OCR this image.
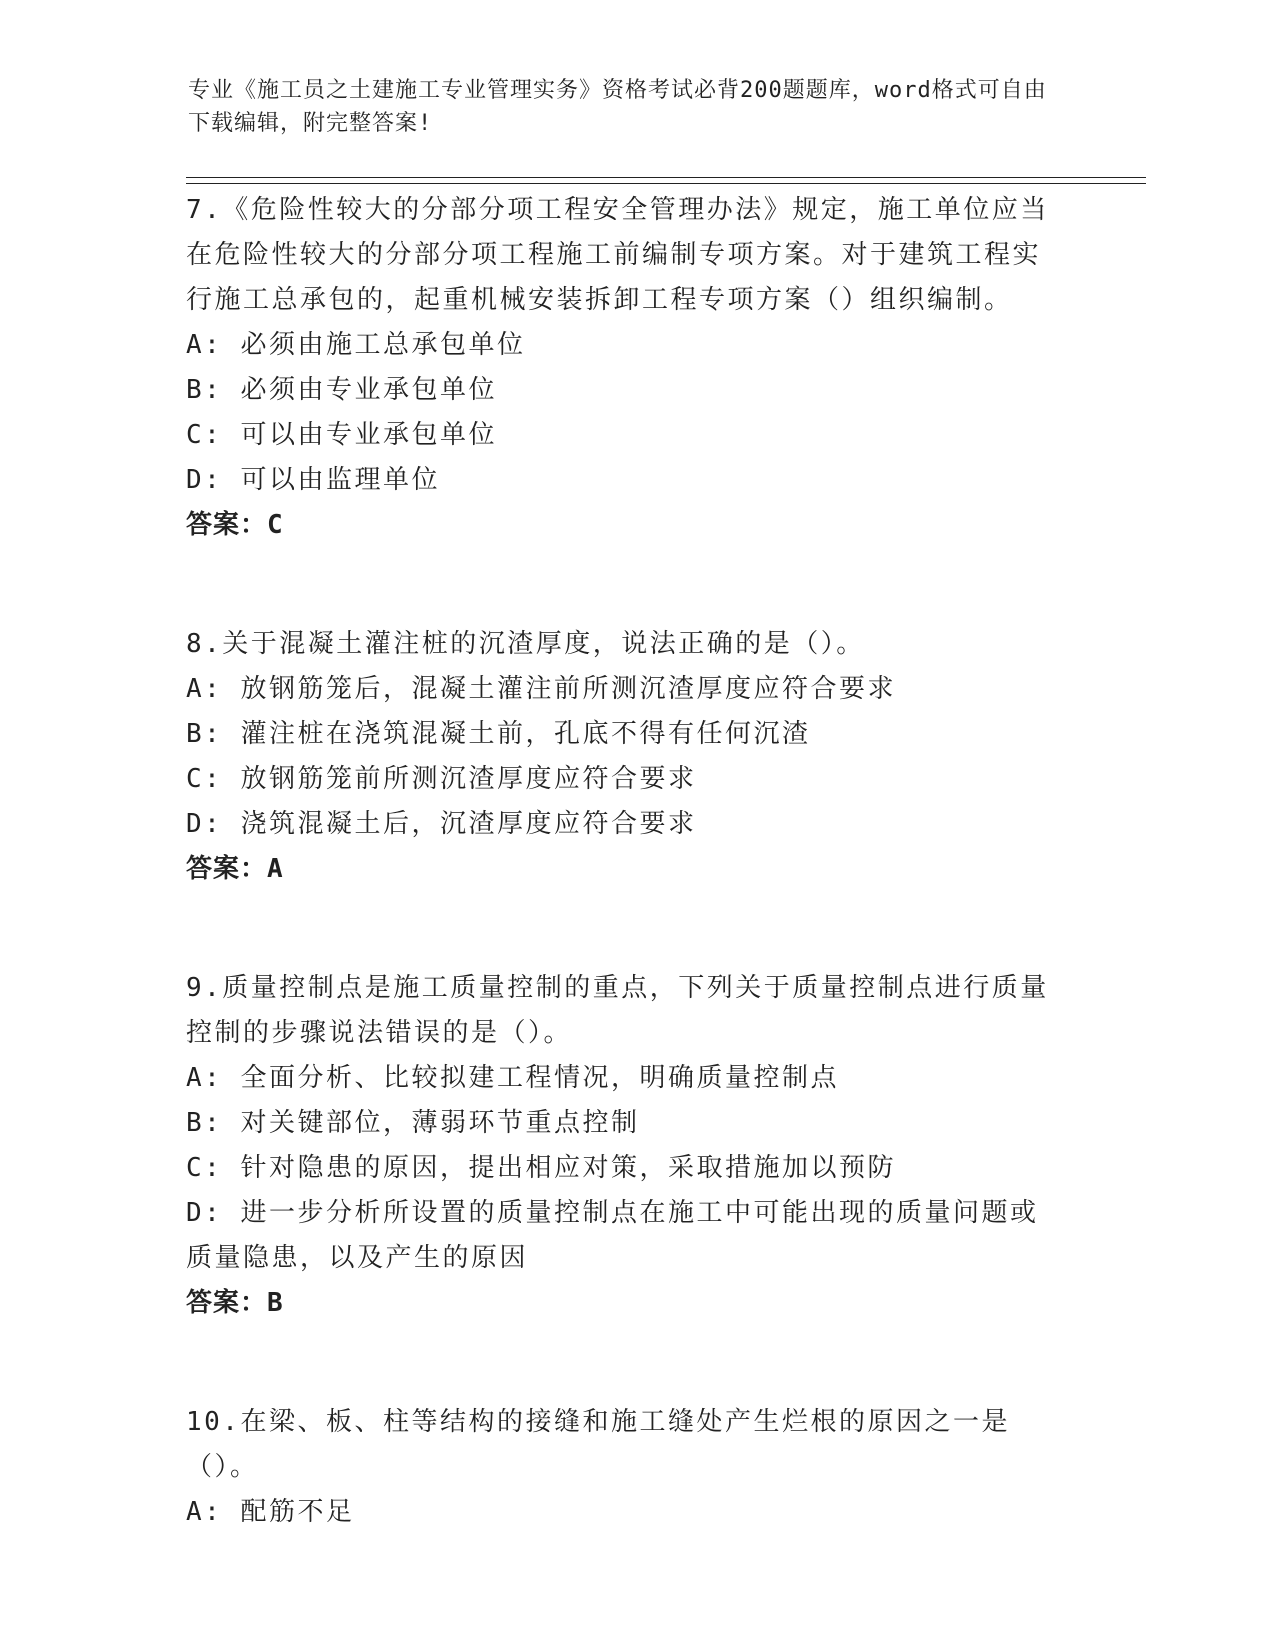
专业《施工员之土建施工专业管理实务》资格考试必背200题题库，word格式可自由下载编辑，附完整答案!

7.《危险性较大的分部分项工程安全管理办法》规定，施工单位应当在危险性较大的分部分项工程施工前编制专项方案。对于建筑工程实行施工总承包的，起重机械安装拆卸工程专项方案（）组织编制。

A: 必须由施工总承包单位

B: 必须由专业承包单位

C: 可以由专业承包单位

D: 可以由监理单位

答案：C

8.关于混凝土灌注桩的沉渣厚度，说法正确的是（）。

A: 放钢筋笼后，混凝土灌注前所测沉渣厚度应符合要求

B: 灌注桩在浇筑混凝土前，孔底不得有任何沉渣

C: 放钢筋笼前所测沉渣厚度应符合要求

D: 浇筑混凝土后，沉渣厚度应符合要求

答案：A

9.质量控制点是施工质量控制的重点，下列关于质量控制点进行质量控制的步骤说法错误的是（）。

A: 全面分析、比较拟建工程情况，明确质量控制点

B: 对关键部位，薄弱环节重点控制

C: 针对隐患的原因，提出相应对策，采取措施加以预防

D: 进一步分析所设置的质量控制点在施工中可能出现的质量问题或质量隐患，以及产生的原因

答案：B

10.在梁、板、柱等结构的接缝和施工缝处产生烂根的原因之一是（）。

A: 配筋不足
